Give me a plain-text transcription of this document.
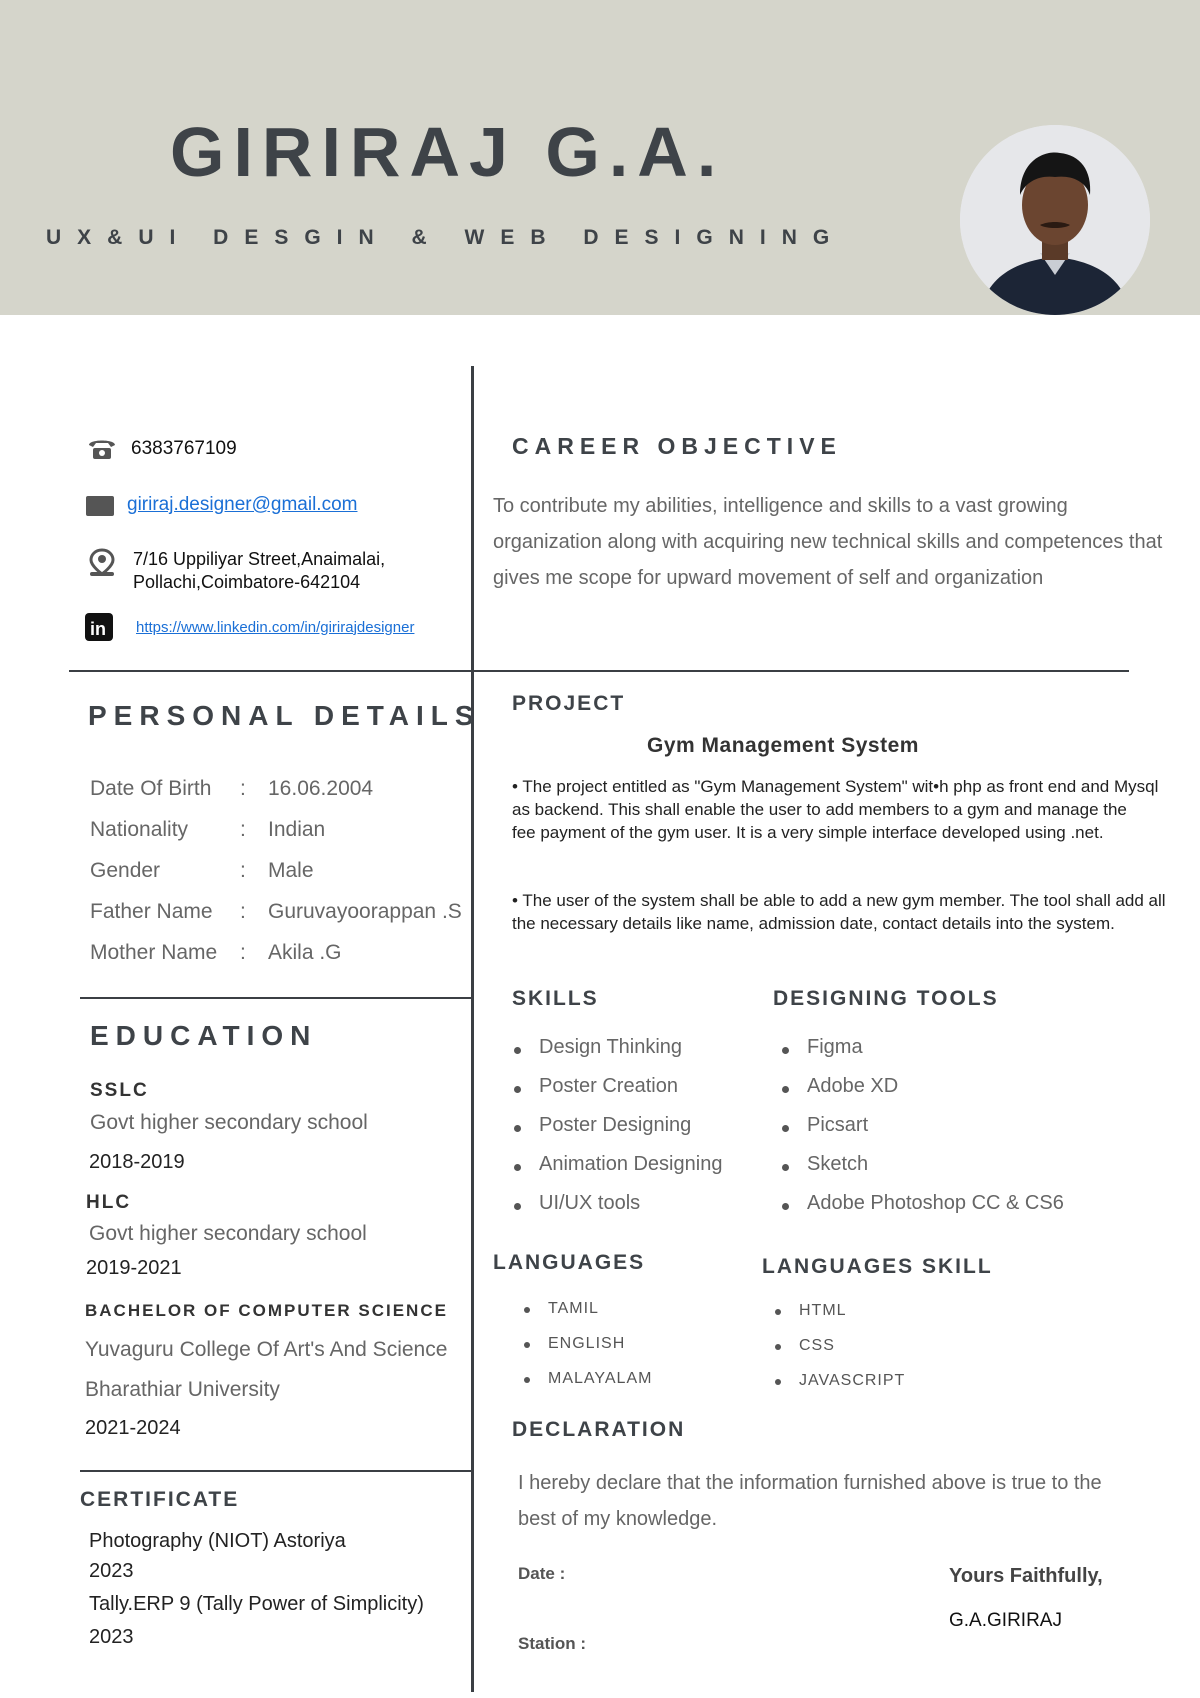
GIRIRAJ G.A.
UX&UI DESGIN & WEB DESIGNING
6383767109
giriraj.designer@gmail.com
7/16 Uppiliyar Street,Anaimalai,
Pollachi,Coimbatore-642104
in https://www.linkedin.com/in/girirajdesigner
CAREER OBJECTIVE
To contribute my abilities, intelligence and skills to a vast growing organization along with acquiring new technical skills and competences that gives me scope for upward movement of self and organization
PERSONAL DETAILS
Date Of Birth : 16.06.2004
Nationality : Indian
Gender	: Male
Father Name : Guruvayoorappan .S
Mother Name : Akila .G
EDUCATION
SSLC
Govt higher secondary school
2018-2019
HLC
Govt higher secondary school
2019-2021
BACHELOR OF COMPUTER SCIENCE
Yuvaguru College Of Art's And Science
Bharathiar University
2021-2024
CERTIFICATE
Photography (NIOT) Astoriya
2023
Tally.ERP 9 (Tally Power of Simplicity)
2023
PROJECT
Gym Management System
• The project entitled as "Gym Management System" wit•h php as front end and Mysql as backend. This shall enable the user to add members to a gym and manage the
fee payment of the gym user. It is a very simple interface developed using .net.
• The user of the system shall be able to add a new gym member. The tool shall add all the necessary details like name, admission date, contact details into the system.
SKILLS
Design Thinking
Poster Creation
Poster Designing
Animation Designing
UI/UX tools
DESIGNING TOOLS
Figma
Adobe XD
Picsart
Sketch
Adobe Photoshop CC & CS6
LANGUAGES
TAMIL
ENGLISH
MALAYALAM
LANGUAGES SKILL
HTML
CSS
JAVASCRIPT
DECLARATION
I hereby declare that the information furnished above is true to the best of my knowledge.
Date :
Station :
Yours Faithfully,
G.A.GIRIRAJ
